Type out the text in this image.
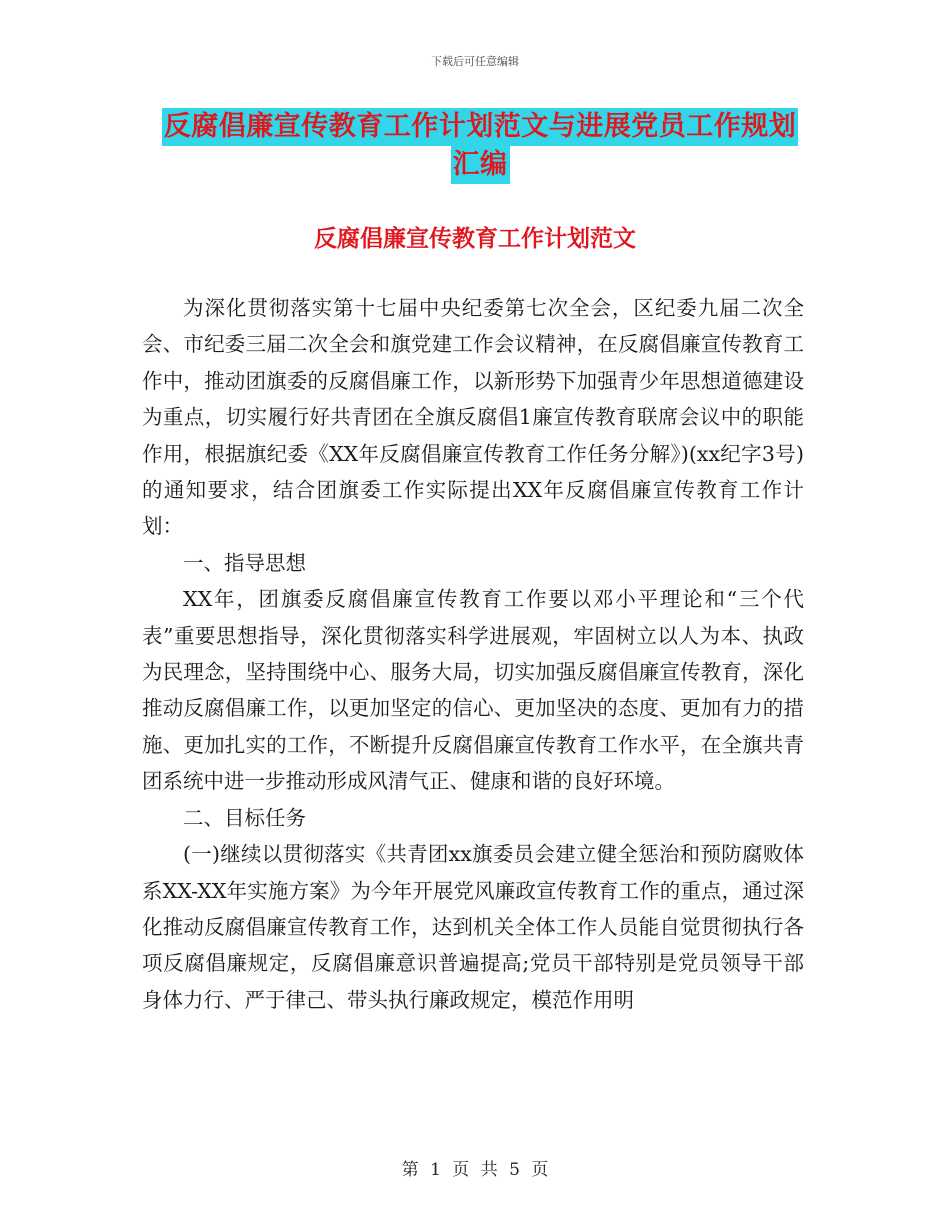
下载后可任意编辑
反腐倡廉宣传教育工作计划范文与进展党员工作规划
汇编
反腐倡廉宣传教育工作计划范文

为深化贯彻落实第十七届中央纪委第七次全会，区纪委九届二次全会、市纪委三届二次全会和旗党建工作会议精神，在反腐倡廉宣传教育工作中，推动团旗委的反腐倡廉工作，以新形势下加强青少年思想道德建设为重点，切实履行好共青团在全旗反腐倡1廉宣传教育联席会议中的职能作用，根据旗纪委《XX年反腐倡廉宣传教育工作任务分解》)(xx纪字3号)的通知要求，结合团旗委工作实际提出XX年反腐倡廉宣传教育工作计划：

一、指导思想

XX年，团旗委反腐倡廉宣传教育工作要以邓小平理论和“三个代表”重要思想指导，深化贯彻落实科学进展观，牢固树立以人为本、执政为民理念，坚持围绕中心、服务大局，切实加强反腐倡廉宣传教育，深化推动反腐倡廉工作，以更加坚定的信心、更加坚决的态度、更加有力的措施、更加扎实的工作，不断提升反腐倡廉宣传教育工作水平，在全旗共青团系统中进一步推动形成风清气正、健康和谐的良好环境。

二、目标任务

(一)继续以贯彻落实《共青团xx旗委员会建立健全惩治和预防腐败体系XX-XX年实施方案》为今年开展党风廉政宣传教育工作的重点，通过深化推动反腐倡廉宣传教育工作，达到机关全体工作人员能自觉贯彻执行各项反腐倡廉规定，反腐倡廉意识普遍提高;党员干部特别是党员领导干部身体力行、严于律己、带头执行廉政规定，模范作用明

第 1 页 共 5 页
